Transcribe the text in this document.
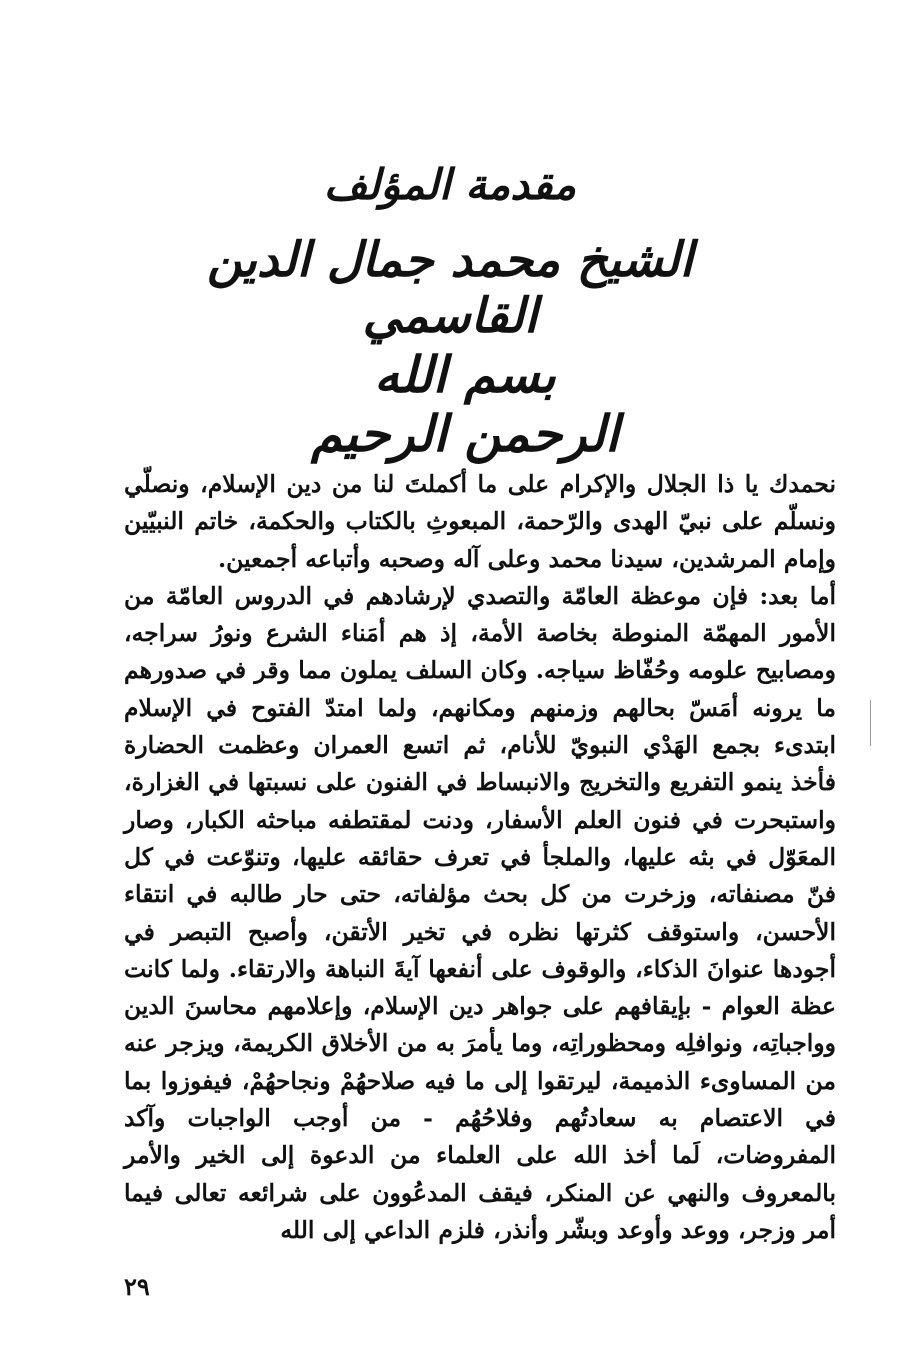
مقدمة المؤلف
الشيخ محمد جمال الدين القاسمي
بسم الله الرحمن الرحيم

نحمدك يا ذا الجلال والإكرام على ما أكملتَ لنا من دين الإسلام، ونصلّي ونسلّم على نبيّ الهدى والرّحمة، المبعوثِ بالكتاب والحكمة، خاتم النبيّين وإمام المرشدين، سيدنا محمد وعلى آله وصحبه وأتباعه أجمعين.

أما بعد: فإن موعظة العامّة والتصدي لإرشادهم في الدروس العامّة من الأمور المهمّة المنوطة بخاصة الأمة، إذ هم أمَناء الشرع ونورُ سراجه، ومصابيح علومه وحُفّاظ سياجه. وكان السلف يملون مما وقر في صدورهم ما يرونه أمَسّ بحالهم وزمنهم ومكانهم، ولما امتدّ الفتوح في الإسلام ابتدىء بجمع الهَدْي النبويّ للأنام، ثم اتسع العمران وعظمت الحضارة فأخذ ينمو التفريع والتخريج والانبساط في الفنون على نسبتها في الغزارة، واستبحرت في فنون العلم الأسفار، ودنت لمقتطفه مباحثه الكبار، وصار المعَوّل في بثه عليها، والملجأ في تعرف حقائقه عليها، وتنوّعت في كل فنّ مصنفاته، وزخرت من كل بحث مؤلفاته، حتى حار طالبه في انتقاء الأحسن، واستوقف كثرتها نظره في تخير الأتقن، وأصبح التبصر في أجودها عنوانَ الذكاء، والوقوف على أنفعها آيةَ النباهة والارتقاء. ولما كانت عظة العوام - بإيقافهم على جواهر دين الإسلام، وإعلامهم محاسنَ الدين وواجباتِه، ونوافلِه ومحظوراتِه، وما يأمرَ به من الأخلاق الكريمة، ويزجر عنه من المساوىء الذميمة، ليرتقوا إلى ما فيه صلاحهُمْ ونجاحهُمْ، فيفوزوا بما في الاعتصام به سعادتُهم وفلاحُهُم - من أوجب الواجبات وآكد المفروضات، لَما أخذ الله على العلماء من الدعوة إلى الخير والأمر بالمعروف والنهي عن المنكر، فيقف المدعُوون على شرائعه تعالى فيما أمر وزجر، ووعد وأوعد وبشّر وأنذر، فلزم الداعي إلى الله

٢٩
